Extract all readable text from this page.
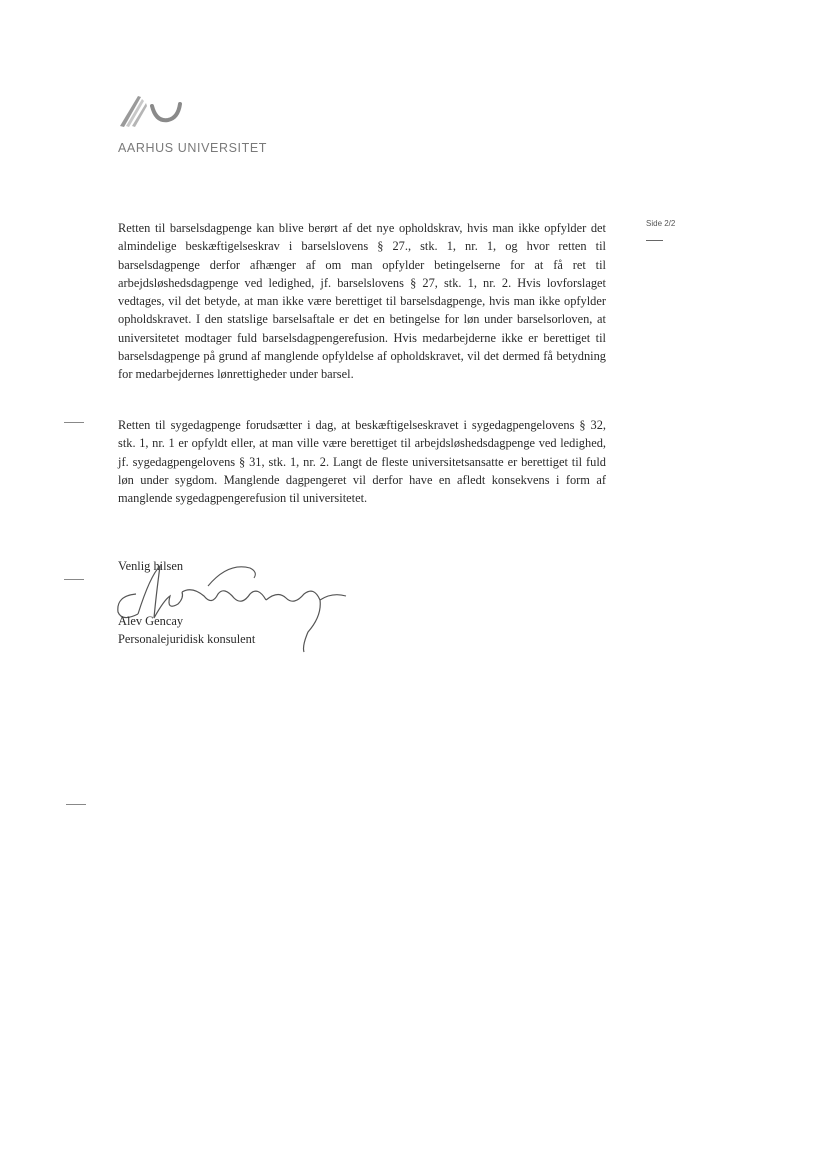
AARHUS UNIVERSITET
Side 2/2

Retten til barselsdagpenge kan blive berørt af det nye opholdskrav, hvis man ikke opfylder det almindelige beskæftigelseskrav i barselslovens § 27., stk. 1, nr. 1, og hvor retten til barselsdagpenge derfor afhænger af om man opfylder betingelserne for at få ret til arbejdsløshedsdagpenge ved ledighed, jf. barselslovens § 27, stk. 1, nr. 2. Hvis lovforslaget vedtages, vil det betyde, at man ikke være berettiget til barselsdagpenge, hvis man ikke opfylder opholdskravet. I den statslige barselsaftale er det en betingelse for løn under barselsorloven, at universitetet modtager fuld barselsdagpengerefusion. Hvis medarbejderne ikke er berettiget til barselsdagpenge på grund af manglende opfyldelse af opholdskravet, vil det dermed få betydning for medarbejdernes lønrettigheder under barsel.

Retten til sygedagpenge forudsætter i dag, at beskæftigelseskravet i sygedagpengelovens § 32, stk. 1, nr. 1 er opfyldt eller, at man ville være berettiget til arbejdsløshedsdagpenge ved ledighed, jf. sygedagpengelovens § 31, stk. 1, nr. 2. Langt de fleste universitetsansatte er berettiget til fuld løn under sygdom. Manglende dagpengeret vil derfor have en afledt konsekvens i form af manglende sygedagpengerefusion til universitetet.

Venlig hilsen
Alev Gencay
Personalejuridisk konsulent
